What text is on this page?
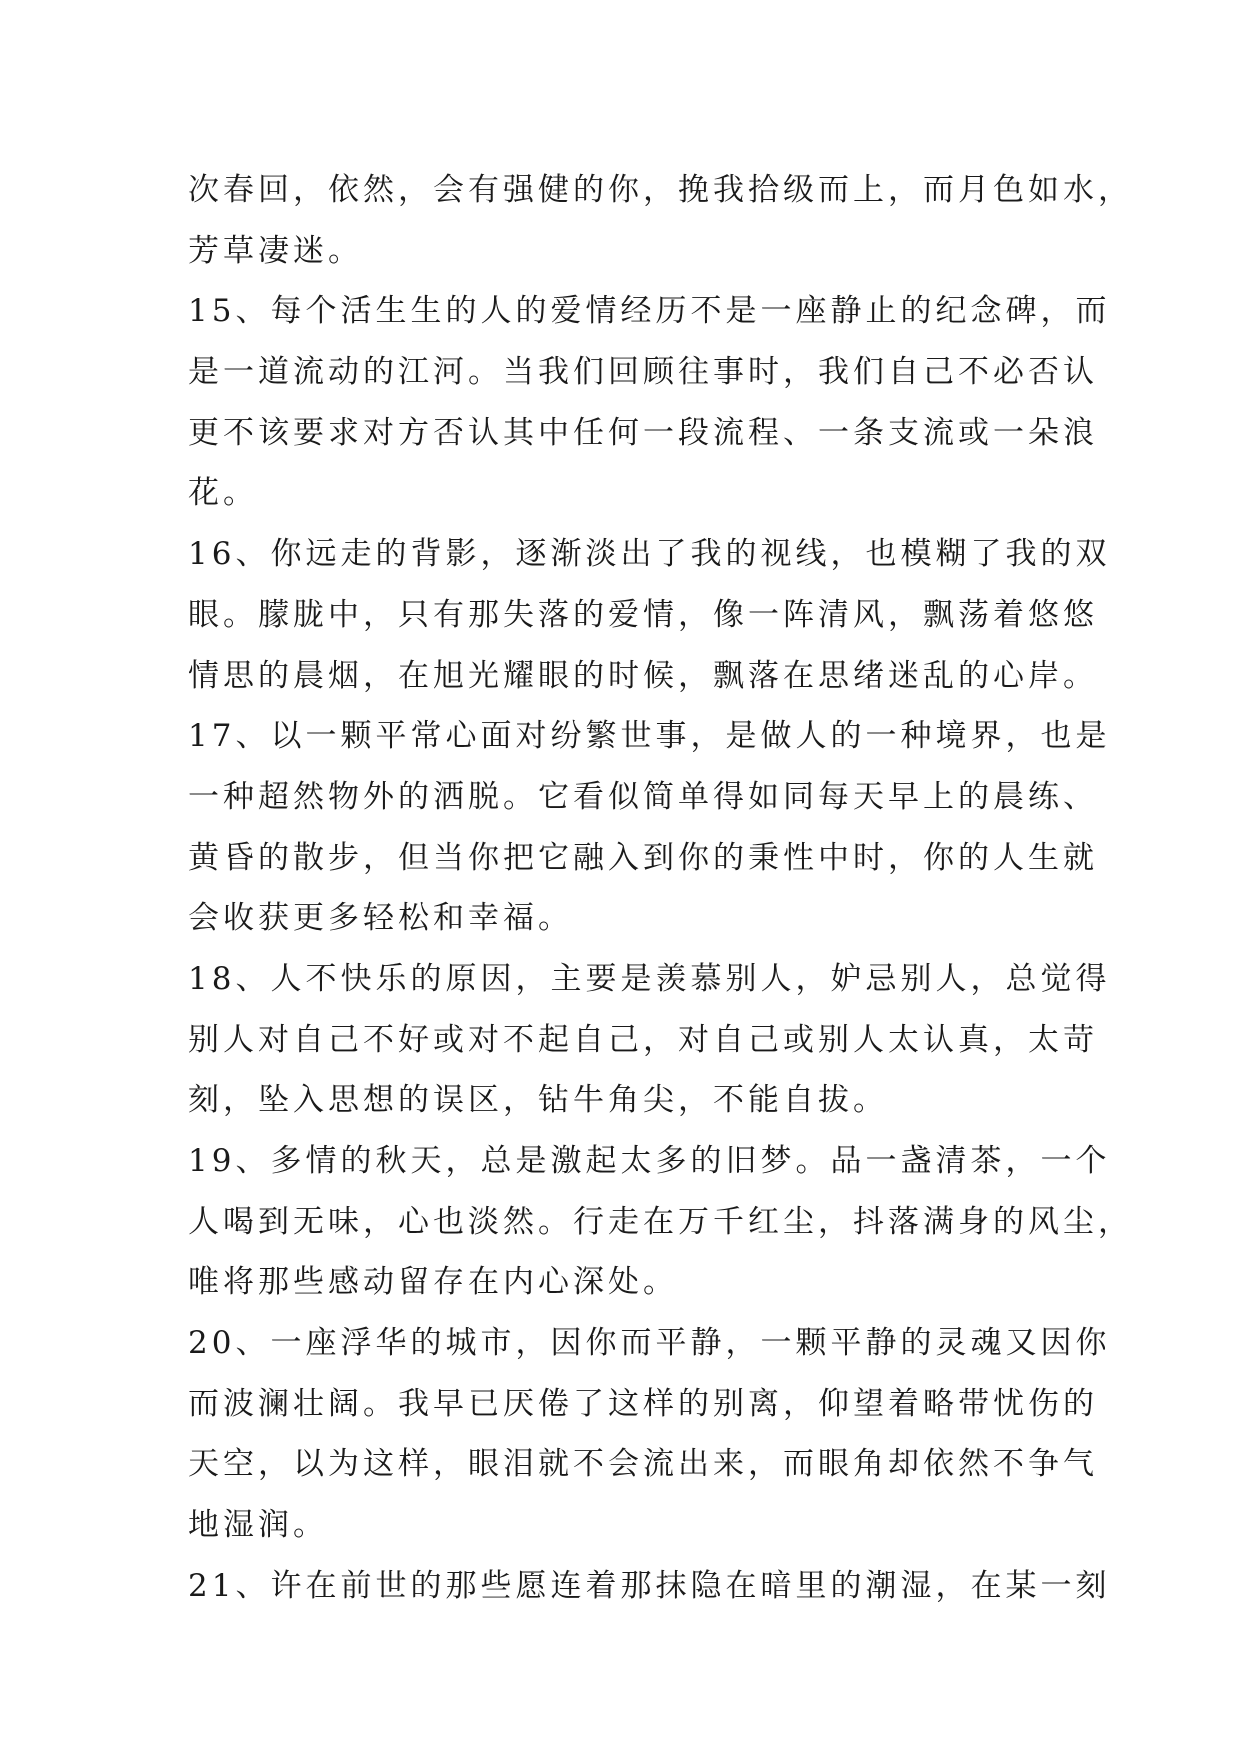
次春回，依然，会有强健的你，挽我拾级而上，而月色如水，
芳草凄迷。
15、每个活生生的人的爱情经历不是一座静止的纪念碑，而
是一道流动的江河。当我们回顾往事时，我们自己不必否认
更不该要求对方否认其中任何一段流程、一条支流或一朵浪
花。
16、你远走的背影，逐渐淡出了我的视线，也模糊了我的双
眼。朦胧中，只有那失落的爱情，像一阵清风，飘荡着悠悠
情思的晨烟，在旭光耀眼的时候，飘落在思绪迷乱的心岸。
17、以一颗平常心面对纷繁世事，是做人的一种境界，也是
一种超然物外的洒脱。它看似简单得如同每天早上的晨练、
黄昏的散步，但当你把它融入到你的秉性中时，你的人生就
会收获更多轻松和幸福。
18、人不快乐的原因，主要是羡慕别人，妒忌别人，总觉得
别人对自己不好或对不起自己，对自己或别人太认真，太苛
刻，坠入思想的误区，钻牛角尖，不能自拔。
19、多情的秋天，总是激起太多的旧梦。品一盏清茶，一个
人喝到无味，心也淡然。行走在万千红尘，抖落满身的风尘，
唯将那些感动留存在内心深处。
20、一座浮华的城市，因你而平静，一颗平静的灵魂又因你
而波澜壮阔。我早已厌倦了这样的别离，仰望着略带忧伤的
天空，以为这样，眼泪就不会流出来，而眼角却依然不争气
地湿润。
21、许在前世的那些愿连着那抹隐在暗里的潮湿，在某一刻
